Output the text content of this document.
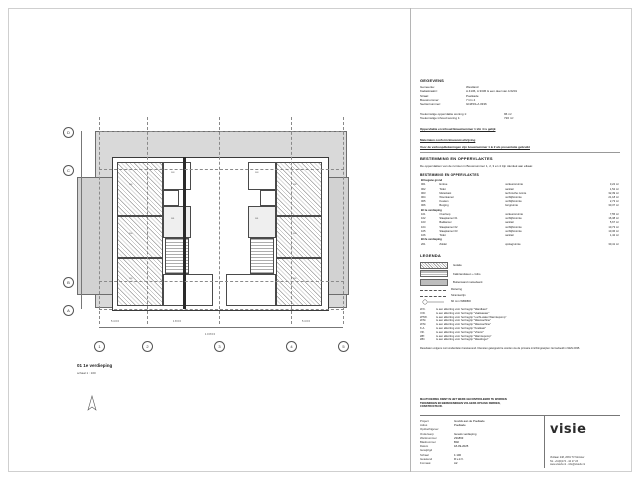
102
103
101
104
105
102
103
101
104
105
1	2	3	4	5
D
C
B
A
5 4 0 0	1 8 0 0	5 4 0 0
1 0 8 0 0
01 1e verdieping
schaal 1 : 100
GEGEVENS
Gemeente:	Westland
Kadastraalnr:	A 4136, A 3336 & een deel van A 6201
Straat:	Poelkade
Bouwnummer:	7 t/m 4
Sectie/nummer:	GNZSS-A 3336
Toekomstige oppervlakte woning 1:	96 m²
Toekomstige inhoud woning 1:	720 m³
Oppervlakte en inhoud Bouwnummer 1 t/m 4 is gelijk
Materialen conform Bouwomschrijving
Voor de verkoopdtekeningen zijn bouwnummer 1 & 2 als presentatie gebruikt
BESTEMMING EN OPPERVLAKTES
De oppervlakten van de ruimten in Bouwnummer 1, 2, 3 en 4 zijn identiek aan elkaar.
BESTEMMING EN OPPERVLAKTES
Bl begane grond			
001	Entree	verkeersruimte	3,22 m²
002	Toilet	sanitair	1,52 m²
003	Meterkast	technische ruimte	32,39 m²
004	Woonkamer	verblijfsruimte	21,18 m²
005	Keuken	verblijfsruimte	2,73 m²
006	Berging	bergruimte	30,37 m²
Bl 1e verdieping			
101	Overloop	verkeersruimte	7,55 m²
102	Slaapkamer 01	verblijfsruimte	16,38 m²
103	Badkamer	sanitair	5,67 m²
104	Slaapkamer 02	verblijfsruimte	10,73 m²
105	Slaapkamer 03	verblijfsruimte	10,36 m²
106	Toilet	sanitair	1,42 m²
Bl 2e verdieping			
201	Zolder	opslagruimte	30,41 m²
LEGENDA
Isolatie
Kalkzandsteen + Gibo
Buitenwand metselwerk
Riolering
Stramienlijn
60 mm WBDBO
W.K.	is een afkorting voor het begrip "Wandkast"
V.W.	is een afkorting voor het begrip "Vaatwasser"
WTW.	is een afkorting voor het begrip "Lucht-water Warmtepomp"
W.M.	is een afkorting voor het begrip "Wasmachine"
W.M.	is een afkorting voor het begrip "Wasmachine"
K.A.	is een afkorting voor het begrip "Koelkast"
VR.	is een afkorting voor het begrip "Vriezer"
WP.	is een afkorting voor het begrip "Warmtepomp"
WD.	is een afkorting voor het begrip "Wasdroger"
Resultaten volgens normonderdelen berekenend. Diensten gekoppeld te worden via de primaire inrichtingswijzen zie bedoeld in NEN 2935.
MAATVOERING DIENT IN HET WERK GECONTROLEERD TE WORDEN
TEKENINGEN EN BEREKENINGEN VOLGENS OPGAVE DERDEN,
CONSTRUCTEUR.
Project	Goulds aan de Poelkade
Adres	Poelkade
Opdrachtgever
Onderwerp	Gevels verdieping
Werknummer	231863
Bladnummer	B02
Datum	18-09-2025
Gewijzigd
Schaal	1:100
Getekend	R.v.d.V.
Formaat	A2
visie
Vlotlaan 248, 2681 TV Monster
Tel. +31(0)174 - 44 17 23
www.visiebv.nl - info@visiebv.nl
